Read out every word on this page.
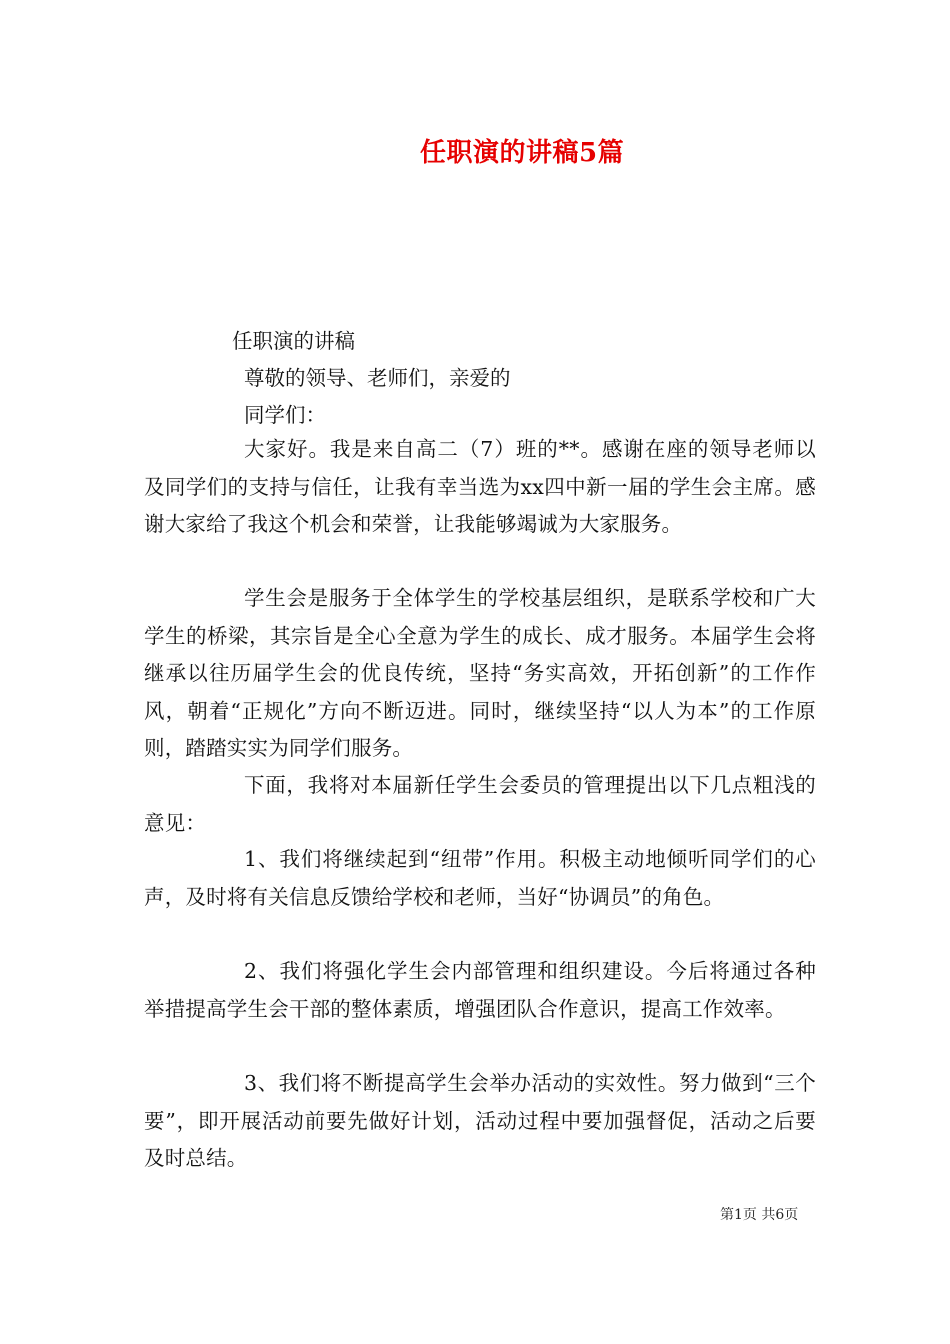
任职演的讲稿5篇
任职演的讲稿
尊敬的领导、老师们，亲爱的
同学们：

大家好。我是来自高二（7）班的**。感谢在座的领导老师以及同学们的支持与信任，让我有幸当选为xx四中新一届的学生会主席。感谢大家给了我这个机会和荣誉，让我能够竭诚为大家服务。

学生会是服务于全体学生的学校基层组织，是联系学校和广大学生的桥梁，其宗旨是全心全意为学生的成长、成才服务。本届学生会将继承以往历届学生会的优良传统，坚持“务实高效，开拓创新”的工作作风，朝着“正规化”方向不断迈进。同时，继续坚持“以人为本”的工作原则，踏踏实实为同学们服务。

下面，我将对本届新任学生会委员的管理提出以下几点粗浅的意见：

1、我们将继续起到“纽带”作用。积极主动地倾听同学们的心声，及时将有关信息反馈给学校和老师，当好“协调员”的角色。

2、我们将强化学生会内部管理和组织建设。今后将通过各种举措提高学生会干部的整体素质，增强团队合作意识，提高工作效率。

3、我们将不断提高学生会举办活动的实效性。努力做到“三个要”，即开展活动前要先做好计划，活动过程中要加强督促，活动之后要及时总结。

第1页 共6页
